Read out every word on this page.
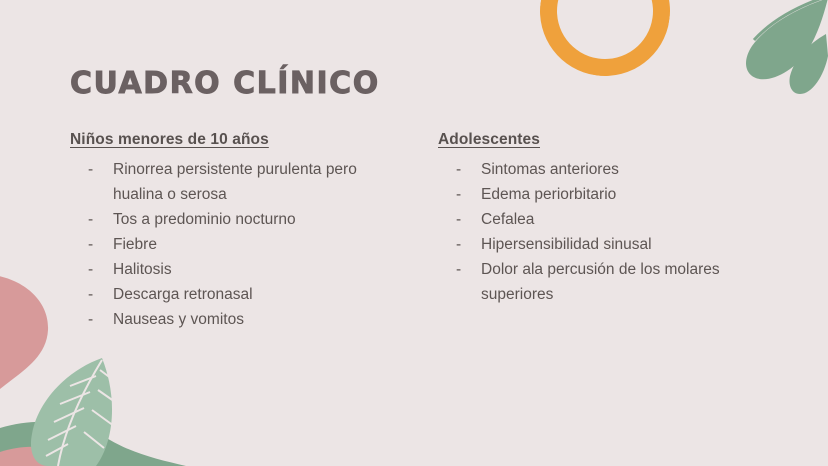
CUADRO CLÍNICO
Niños menores de 10 años
- Rinorrea persistente purulenta pero hualina o serosa
- Tos a predominio nocturno
- Fiebre
- Halitosis
- Descarga retronasal
- Nauseas y vomitos
Adolescentes
- Sintomas anteriores
- Edema periorbitario
- Cefalea
- Hipersensibilidad sinusal
- Dolor ala percusión de los molares superiores
